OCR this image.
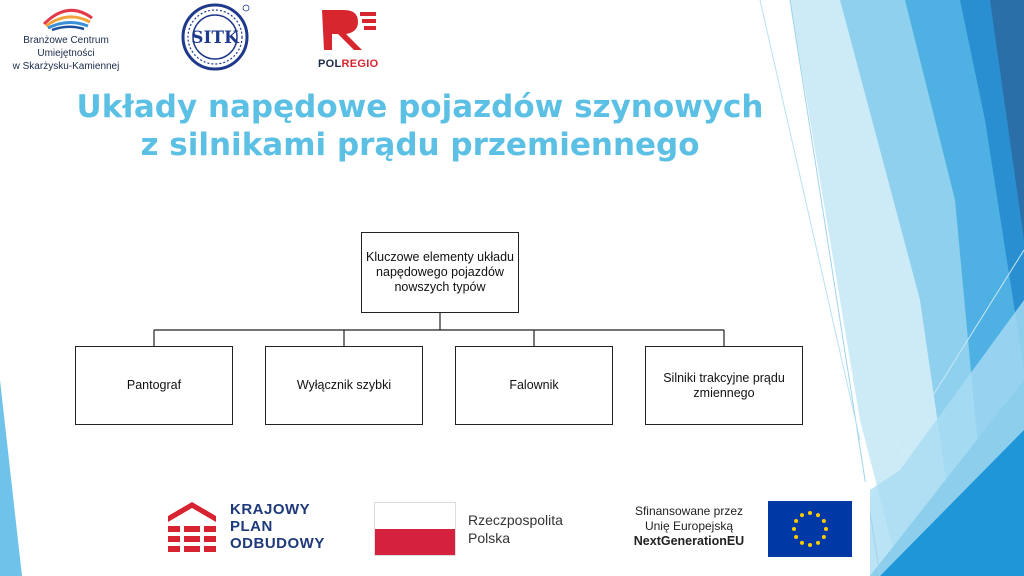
Branżowe Centrum
Umiejętności
w Skarżysku-Kamiennej
SITK
POLREGIO
Układy napędowe pojazdów szynowych
z silnikami prądu przemiennego
Kluczowe elementy układu napędowego pojazdów nowszych typów
Pantograf	Wyłącznik szybki	Falownik
Silniki trakcyjne prądu zmiennego
KRAJOWY
PLAN
ODBUDOWY
Rzeczpospolita
Polska
Sfinansowane przez
Unię Europejską
NextGenerationEU
